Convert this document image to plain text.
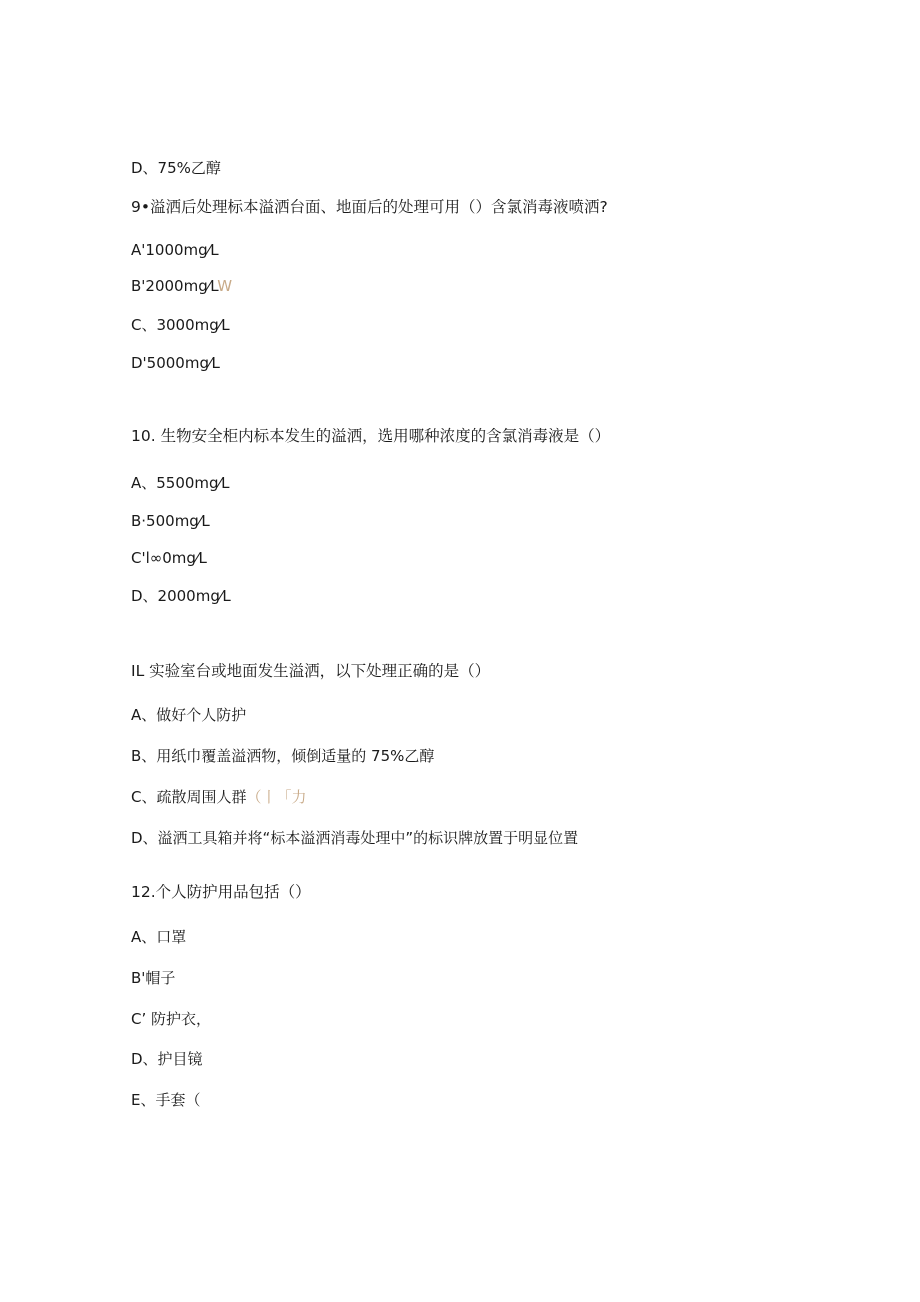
D、75%乙醇
9•溢洒后处理标本溢洒台面、地面后的处理可用（）含氯消毒液喷洒?
A'1000mg⁄L
B'2000mg⁄LW
C、3000mg⁄L
D'5000mg⁄L
10. 生物安全柜内标本发生的溢洒，选用哪种浓度的含氯消毒液是（）
A、5500mg⁄L
B·500mg⁄L
C'l∞0mg⁄L
D、2000mg⁄L
IL 实验室台或地面发生溢洒，以下处理正确的是（）
A、做好个人防护
B、用纸巾覆盖溢洒物，倾倒适量的 75%乙醇
C、疏散周围人群（丨「力
D、溢洒工具箱并将“标本溢洒消毒处理中”的标识牌放置于明显位置
12.个人防护用品包括（）
A、口罩
B'帽子
C’ 防护衣，
D、护目镜
E、手套（
